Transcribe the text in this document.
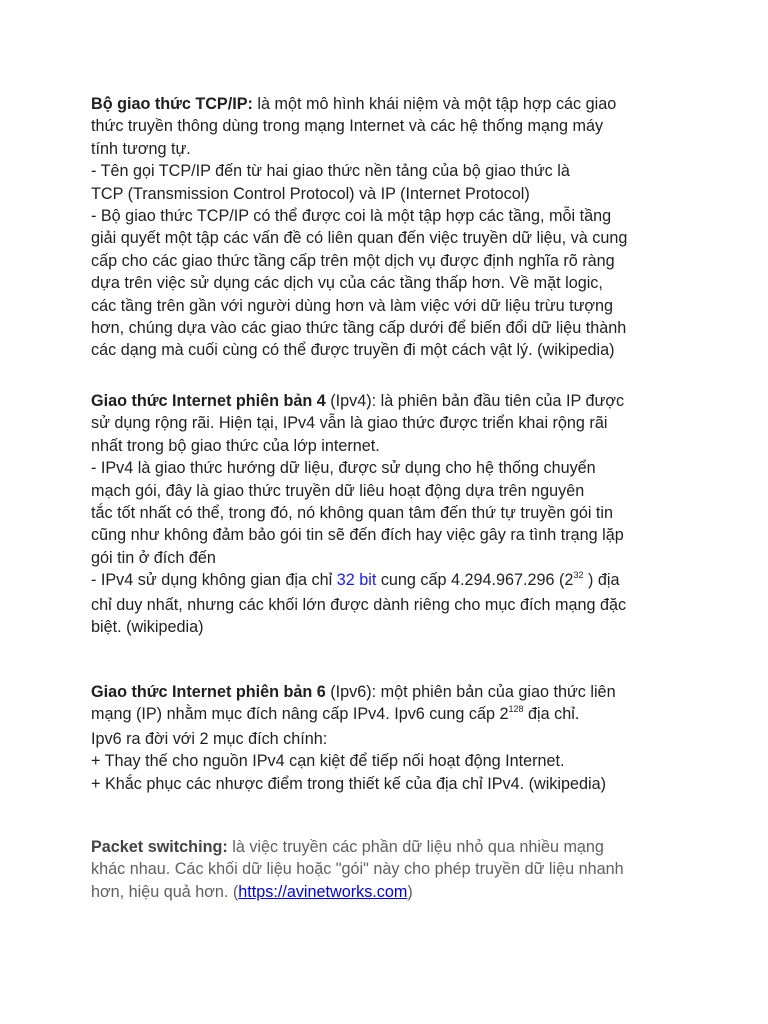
Bộ giao thức TCP/IP: là một mô hình khái niệm và một tập hợp các giao
thức truyền thông dùng trong mạng Internet và các hệ thống mạng máy
tính tương tự.
- Tên gọi TCP/IP đến từ hai giao thức nền tảng của bộ giao thức là
TCP (Transmission Control Protocol) và IP (Internet Protocol)
- Bộ giao thức TCP/IP có thể được coi là một tập hợp các tầng, mỗi tầng
giải quyết một tập các vấn đề có liên quan đến việc truyền dữ liệu, và cung
cấp cho các giao thức tầng cấp trên một dịch vụ được định nghĩa rõ ràng
dựa trên việc sử dụng các dịch vụ của các tầng thấp hơn. Về mặt logic,
các tầng trên gần với người dùng hơn và làm việc với dữ liệu trừu tượng
hơn, chúng dựa vào các giao thức tầng cấp dưới để biến đổi dữ liệu thành
các dạng mà cuối cùng có thể được truyền đi một cách vật lý. (wikipedia)
Giao thức Internet phiên bản 4 (Ipv4): là phiên bản đầu tiên của IP được
sử dụng rộng rãi. Hiện tại, IPv4 vẫn là giao thức được triển khai rộng rãi
nhất trong bộ giao thức của lớp internet.
- IPv4 là giao thức hướng dữ liệu, được sử dụng cho hệ thống chuyển
mạch gói, đây là giao thức truyền dữ liêu hoạt động dựa trên nguyên
tắc tốt nhất có thể, trong đó, nó không quan tâm đến thứ tự truyền gói tin
cũng như không đảm bảo gói tin sẽ đến đích hay việc gây ra tình trạng lặp
gói tin ở đích đến
- IPv4 sử dụng không gian địa chỉ 32 bit cung cấp 4.294.967.296 ($2^{32}$ ) địa
chỉ duy nhất, nhưng các khối lớn được dành riêng cho mục đích mạng đặc
biệt. (wikipedia)
Giao thức Internet phiên bản 6 (Ipv6): một phiên bản của giao thức liên
mạng (IP) nhằm mục đích nâng cấp IPv4. Ipv6 cung cấp $2^{128}$ địa chỉ.
Ipv6 ra đời với 2 mục đích chính:
+ Thay thế cho nguồn IPv4 cạn kiệt để tiếp nối hoạt động Internet.
+ Khắc phục các nhược điểm trong thiết kế của địa chỉ IPv4. (wikipedia)
Packet switching: là việc truyền các phần dữ liệu nhỏ qua nhiều mạng
khác nhau. Các khối dữ liệu hoặc "gói" này cho phép truyền dữ liệu nhanh
hơn, hiệu quả hơn. (https://avinetworks.com)
